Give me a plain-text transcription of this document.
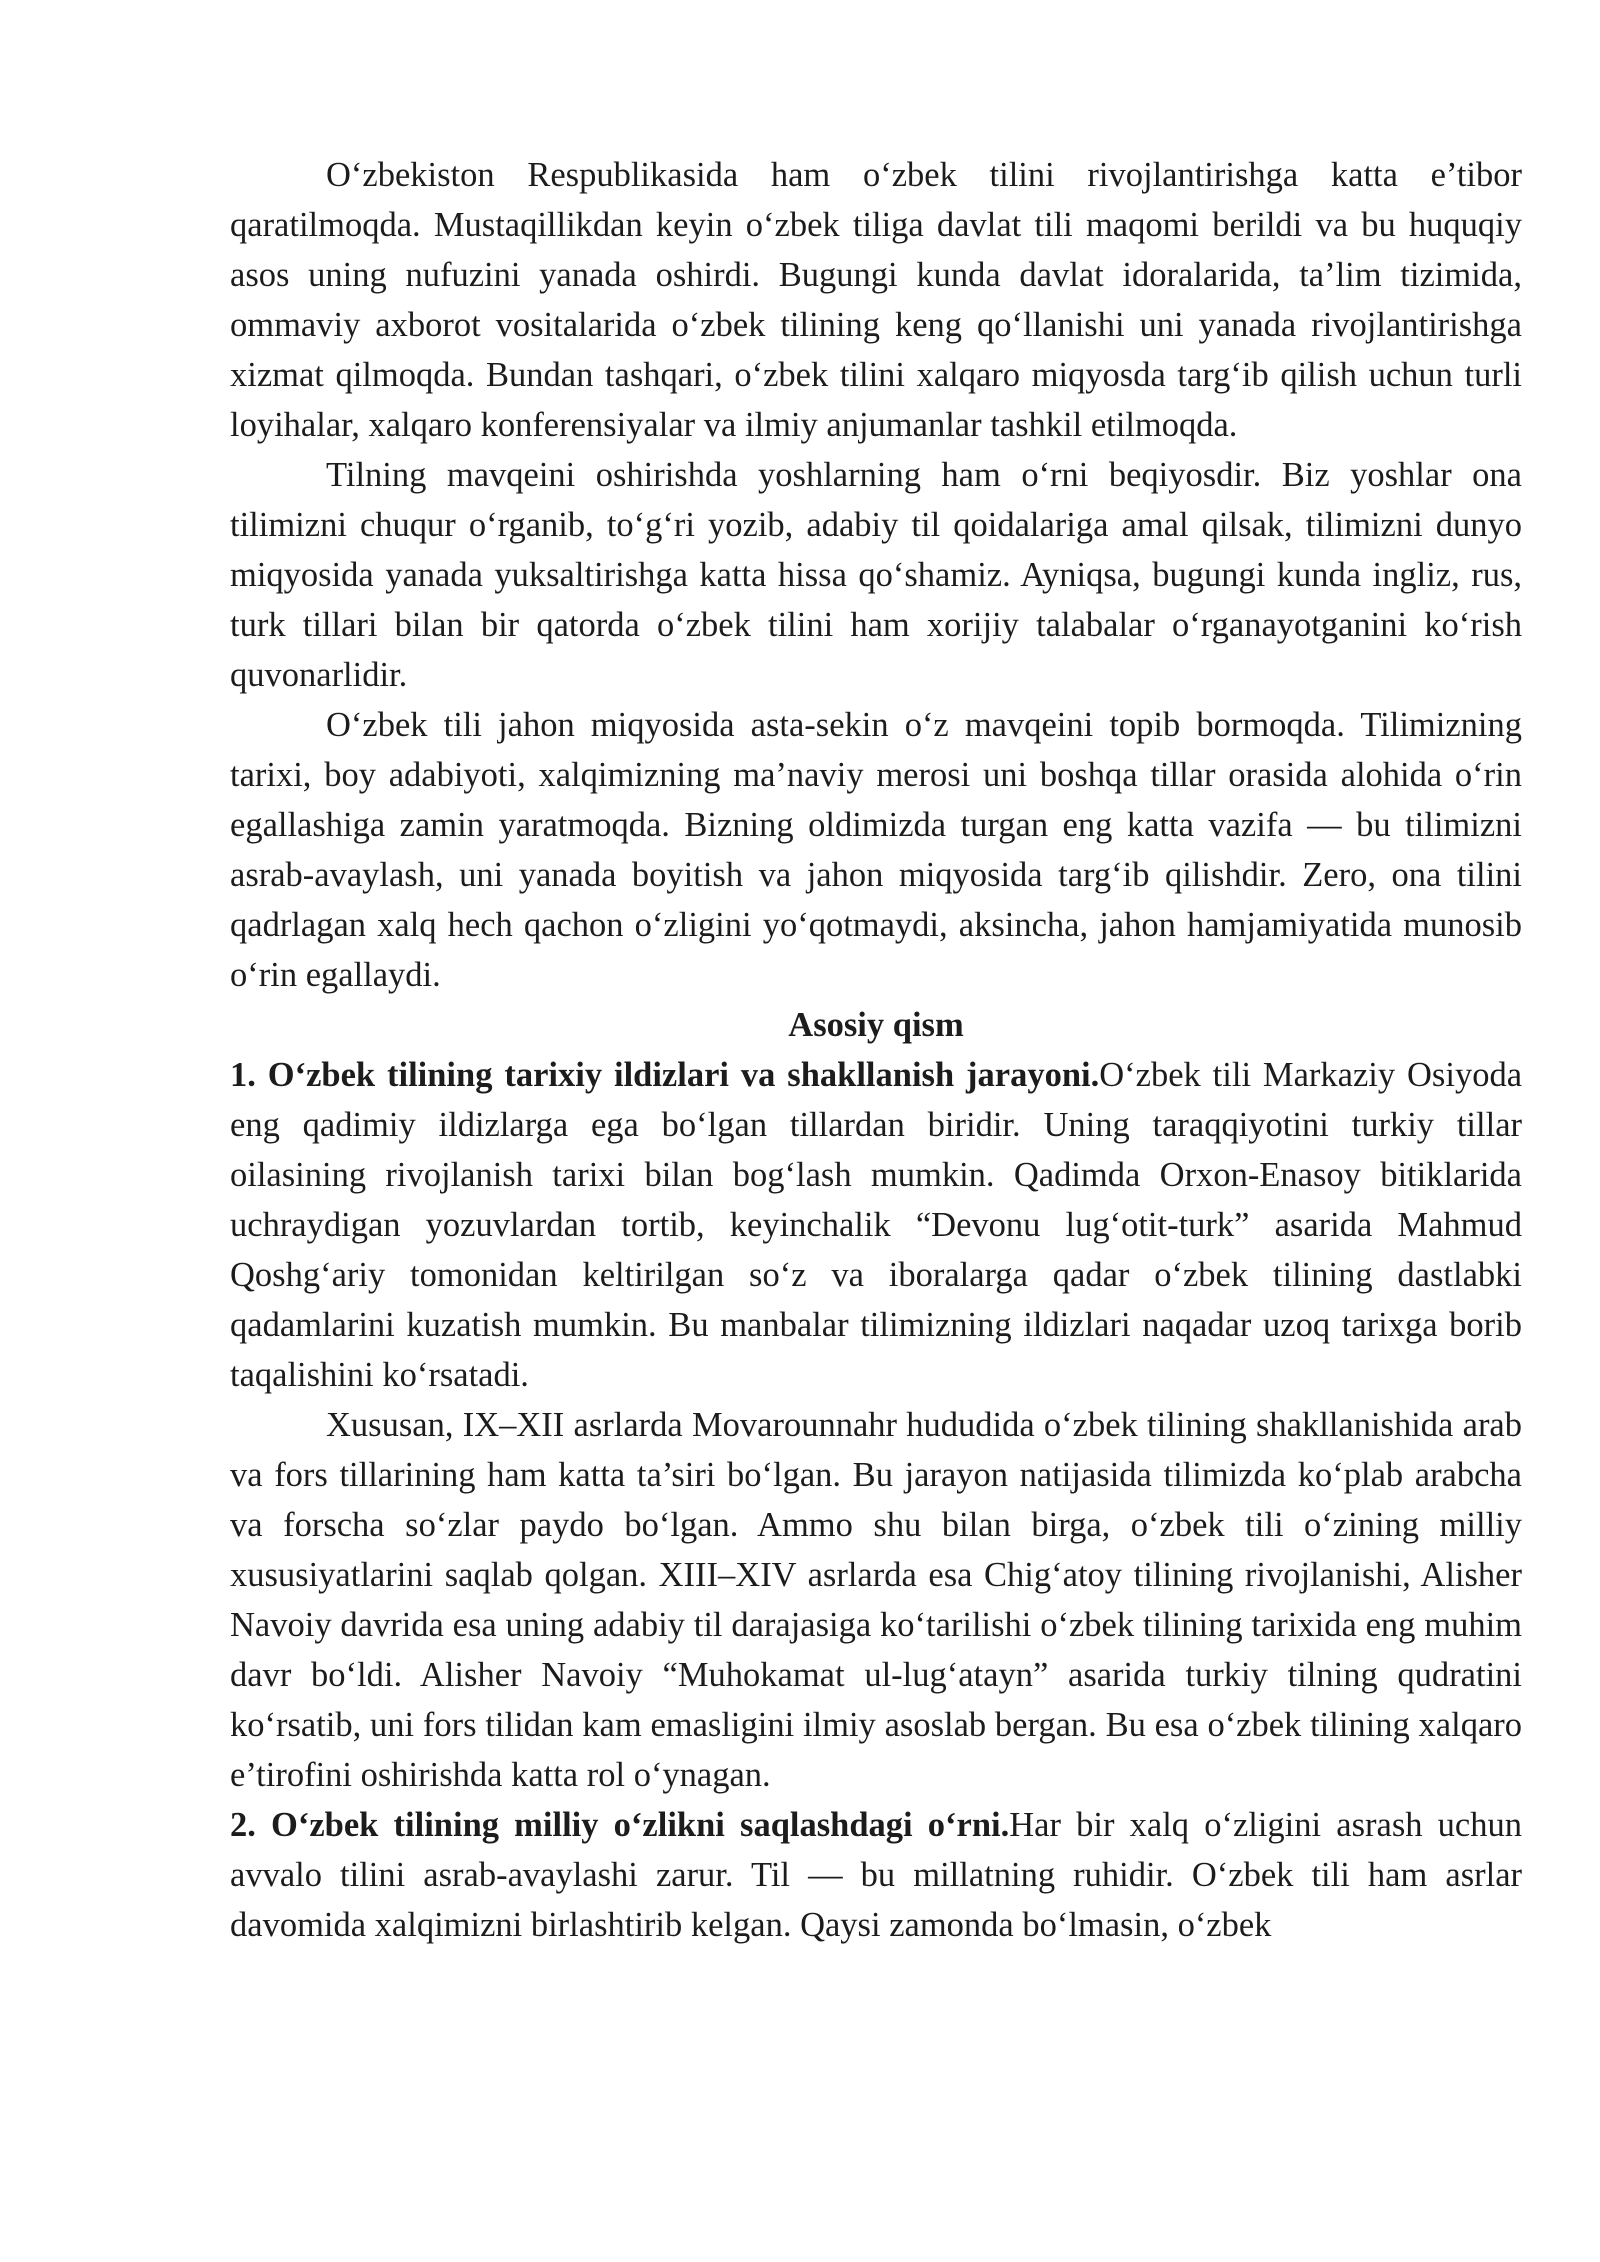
O‘zbekiston Respublikasida ham o‘zbek tilini rivojlantirishga katta e’tibor qaratilmoqda. Mustaqillikdan keyin o‘zbek tiliga davlat tili maqomi berildi va bu huquqiy asos uning nufuzini yanada oshirdi. Bugungi kunda davlat idoralarida, ta’lim tizimida, ommaviy axborot vositalarida o‘zbek tilining keng qo‘llanishi uni yanada rivojlantirishga xizmat qilmoqda. Bundan tashqari, o‘zbek tilini xalqaro miqyosda targ‘ib qilish uchun turli loyihalar, xalqaro konferensiyalar va ilmiy anjumanlar tashkil etilmoqda.

Tilning mavqeini oshirishda yoshlarning ham o‘rni beqiyosdir. Biz yoshlar ona tilimizni chuqur o‘rganib, to‘g‘ri yozib, adabiy til qoidalariga amal qilsak, tilimizni dunyo miqyosida yanada yuksaltirishga katta hissa qo‘shamiz. Ayniqsa, bugungi kunda ingliz, rus, turk tillari bilan bir qatorda o‘zbek tilini ham xorijiy talabalar o‘rganayotganini ko‘rish quvonarlidir.

O‘zbek tili jahon miqyosida asta-sekin o‘z mavqeini topib bormoqda. Tilimizning tarixi, boy adabiyoti, xalqimizning ma’naviy merosi uni boshqa tillar orasida alohida o‘rin egallashiga zamin yaratmoqda. Bizning oldimizda turgan eng katta vazifa — bu tilimizni asrab-avaylash, uni yanada boyitish va jahon miqyosida targ‘ib qilishdir. Zero, ona tilini qadrlagan xalq hech qachon o‘zligini yo‘qotmaydi, aksincha, jahon hamjamiyatida munosib o‘rin egallaydi.

Asosiy qism

1. O‘zbek tilining tarixiy ildizlari va shakllanish jarayoni.O‘zbek tili Markaziy Osiyoda eng qadimiy ildizlarga ega bo‘lgan tillardan biridir. Uning taraqqiyotini turkiy tillar oilasining rivojlanish tarixi bilan bog‘lash mumkin. Qadimda Orxon-Enasoy bitiklarida uchraydigan yozuvlardan tortib, keyinchalik “Devonu lug‘otit-turk” asarida Mahmud Qoshg‘ariy tomonidan keltirilgan so‘z va iboralarga qadar o‘zbek tilining dastlabki qadamlarini kuzatish mumkin. Bu manbalar tilimizning ildizlari naqadar uzoq tarixga borib taqalishini ko‘rsatadi.

Xususan, IX–XII asrlarda Movarounnahr hududida o‘zbek tilining shakllanishida arab va fors tillarining ham katta ta’siri bo‘lgan. Bu jarayon natijasida tilimizda ko‘plab arabcha va forscha so‘zlar paydo bo‘lgan. Ammo shu bilan birga, o‘zbek tili o‘zining milliy xususiyatlarini saqlab qolgan. XIII–XIV asrlarda esa Chig‘atoy tilining rivojlanishi, Alisher Navoiy davrida esa uning adabiy til darajasiga ko‘tarilishi o‘zbek tilining tarixida eng muhim davr bo‘ldi. Alisher Navoiy “Muhokamat ul-lug‘atayn” asarida turkiy tilning qudratini ko‘rsatib, uni fors tilidan kam emasligini ilmiy asoslab bergan. Bu esa o‘zbek tilining xalqaro e’tirofini oshirishda katta rol o‘ynagan.

2. O‘zbek tilining milliy o‘zlikni saqlashdagi o‘rni.Har bir xalq o‘zligini asrash uchun avvalo tilini asrab-avaylashi zarur. Til — bu millatning ruhidir. O‘zbek tili ham asrlar davomida xalqimizni birlashtirib kelgan. Qaysi zamonda bo‘lmasin, o‘zbek
